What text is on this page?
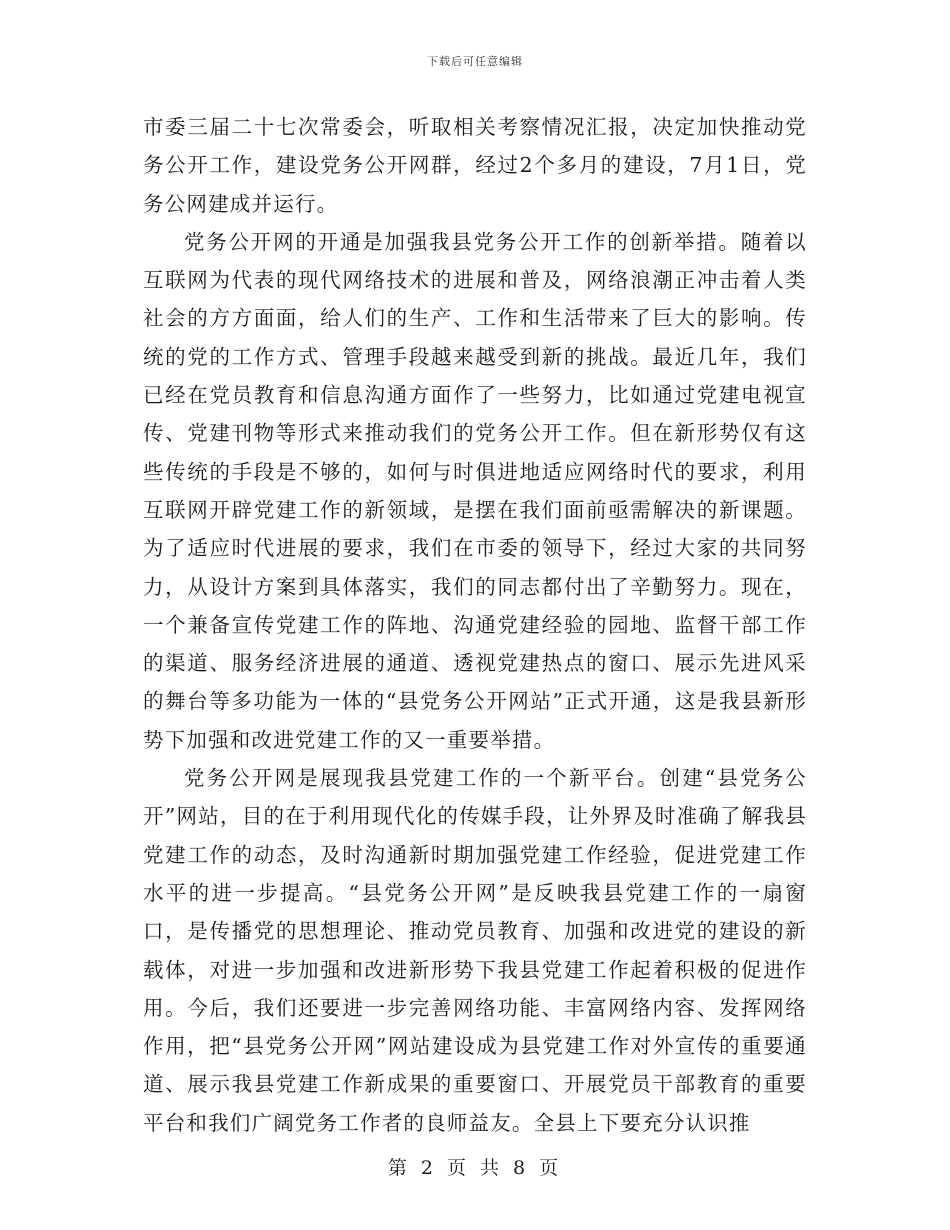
下载后可任意编辑

市委三届二十七次常委会，听取相关考察情况汇报，决定加快推动党务公开工作，建设党务公开网群，经过2个多月的建设，7月1日，党务公网建成并运行。

党务公开网的开通是加强我县党务公开工作的创新举措。随着以互联网为代表的现代网络技术的进展和普及，网络浪潮正冲击着人类社会的方方面面，给人们的生产、工作和生活带来了巨大的影响。传统的党的工作方式、管理手段越来越受到新的挑战。最近几年，我们已经在党员教育和信息沟通方面作了一些努力，比如通过党建电视宣传、党建刊物等形式来推动我们的党务公开工作。但在新形势仅有这些传统的手段是不够的，如何与时俱进地适应网络时代的要求，利用互联网开辟党建工作的新领域，是摆在我们面前亟需解决的新课题。为了适应时代进展的要求，我们在市委的领导下，经过大家的共同努力，从设计方案到具体落实，我们的同志都付出了辛勤努力。现在，一个兼备宣传党建工作的阵地、沟通党建经验的园地、监督干部工作的渠道、服务经济进展的通道、透视党建热点的窗口、展示先进风采的舞台等多功能为一体的“县党务公开网站”正式开通，这是我县新形势下加强和改进党建工作的又一重要举措。

党务公开网是展现我县党建工作的一个新平台。创建“县党务公开”网站，目的在于利用现代化的传媒手段，让外界及时准确了解我县党建工作的动态，及时沟通新时期加强党建工作经验，促进党建工作水平的进一步提高。“县党务公开网”是反映我县党建工作的一扇窗口，是传播党的思想理论、推动党员教育、加强和改进党的建设的新载体，对进一步加强和改进新形势下我县党建工作起着积极的促进作用。今后，我们还要进一步完善网络功能、丰富网络内容、发挥网络作用，把“县党务公开网”网站建设成为县党建工作对外宣传的重要通道、展示我县党建工作新成果的重要窗口、开展党员干部教育的重要平台和我们广阔党务工作者的良师益友。全县上下要充分认识推

第 2 页 共 8 页
